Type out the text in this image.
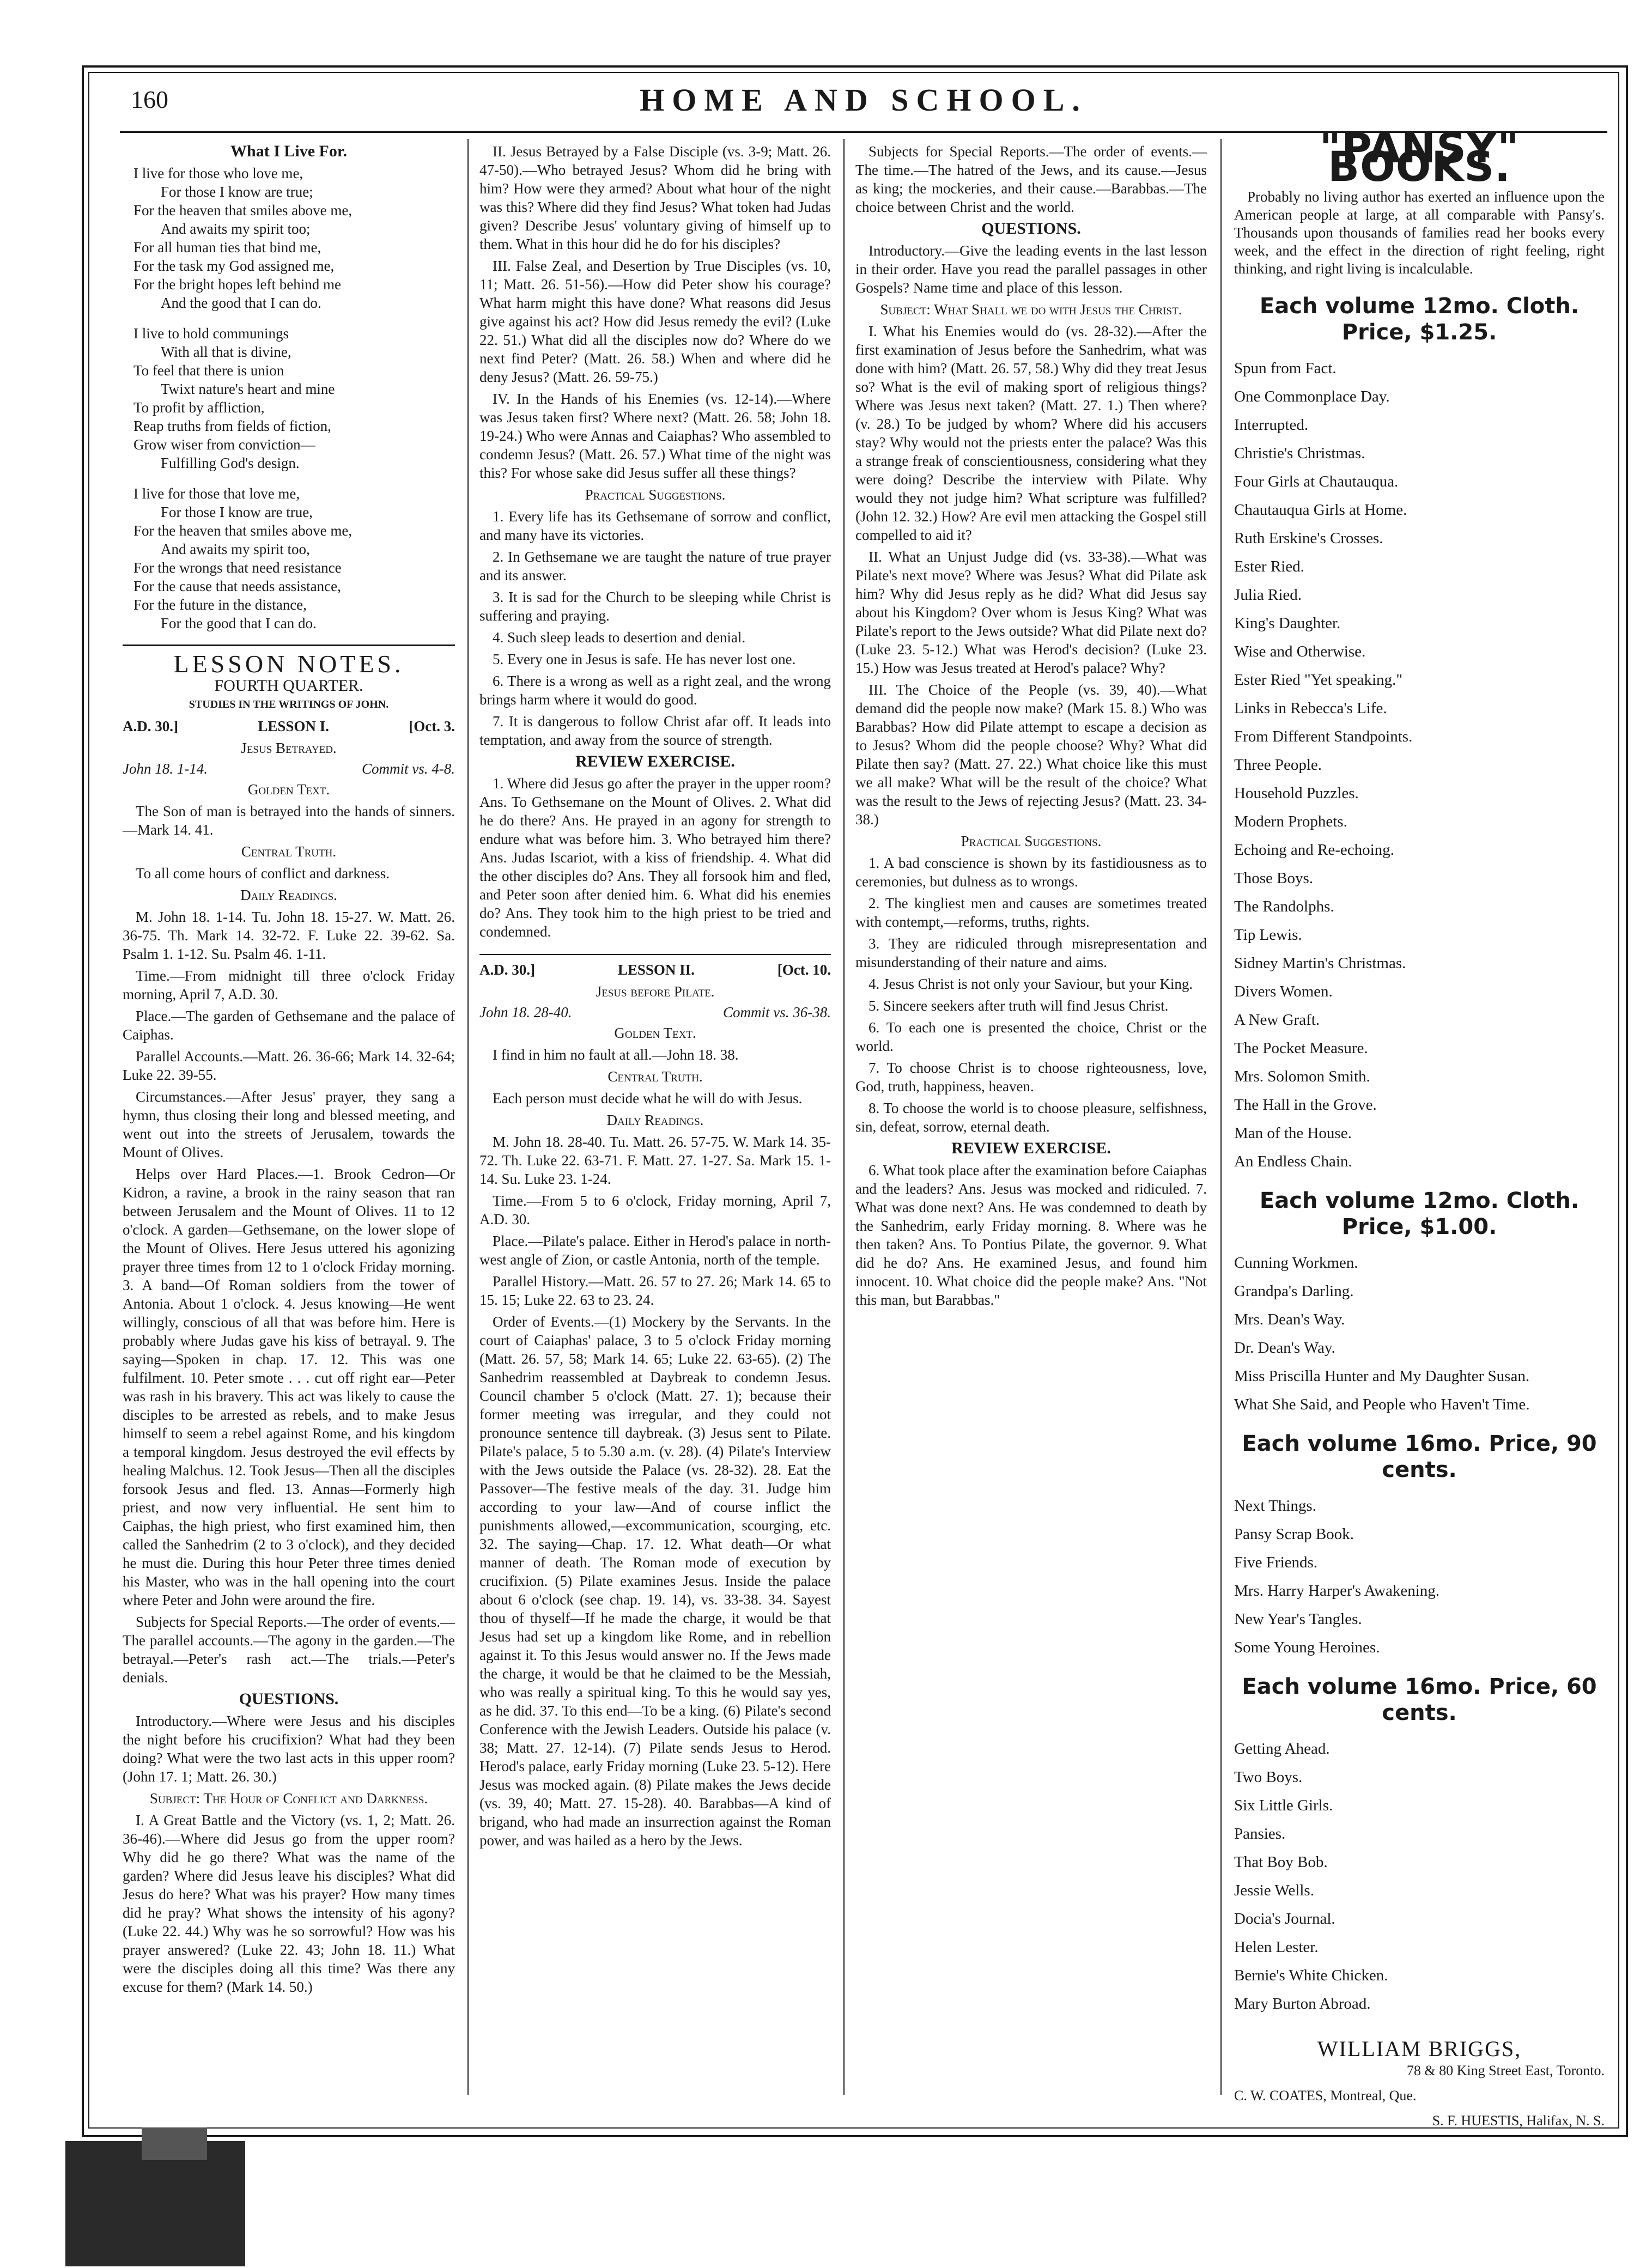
160	HOME AND SCHOOL.
What I Live For.
I live for those who love me,
For those I know are true;
For the heaven that smiles above me,
And awaits my spirit too;
For all human ties that bind me,
For the task my God assigned me,
For the bright hopes left behind me
And the good that I can do.
I live to hold communings
With all that is divine,
To feel that there is union
Twixt nature's heart and mine
To profit by affliction,
Reap truths from fields of fiction,
Grow wiser from conviction—
Fulfilling God's design.
I live for those that love me,
For those I know are true,
For the heaven that smiles above me,
And awaits my spirit too,
For the wrongs that need resistance
For the cause that needs assistance,
For the future in the distance,
For the good that I can do.
LESSON NOTES.
FOURTH QUARTER.
STUDIES IN THE WRITINGS OF JOHN.
A.D. 30.]	LESSON I.	[Oct. 3.
Jesus Betrayed.
John 18. 1-14.	Commit vs. 4-8.
Golden Text.

The Son of man is betrayed into the hands of sinners.—Mark 14. 41.

Central Truth.

To all come hours of conflict and darkness.

Daily Readings.

M. John 18. 1-14. Tu. John 18. 15-27. W. Matt. 26. 36-75. Th. Mark 14. 32-72. F. Luke 22. 39-62. Sa. Psalm 1. 1-12. Su. Psalm 46. 1-11.

Time.—From midnight till three o'clock Friday morning, April 7, A.D. 30.

Place.—The garden of Gethsemane and the palace of Caiphas.

Parallel Accounts.—Matt. 26. 36-66; Mark 14. 32-64; Luke 22. 39-55.

Circumstances.—After Jesus' prayer, they sang a hymn, thus closing their long and blessed meeting, and went out into the streets of Jerusalem, towards the Mount of Olives.

Helps over Hard Places.—1. Brook Cedron—Or Kidron, a ravine, a brook in the rainy season that ran between Jerusalem and the Mount of Olives. 11 to 12 o'clock. A garden—Gethsemane, on the lower slope of the Mount of Olives. Here Jesus uttered his agonizing prayer three times from 12 to 1 o'clock Friday morning. 3. A band—Of Roman soldiers from the tower of Antonia. About 1 o'clock. 4. Jesus knowing—He went willingly, conscious of all that was before him. Here is probably where Judas gave his kiss of betrayal. 9. The saying—Spoken in chap. 17. 12. This was one fulfilment. 10. Peter smote . . . cut off right ear—Peter was rash in his bravery. This act was likely to cause the disciples to be arrested as rebels, and to make Jesus himself to seem a rebel against Rome, and his kingdom a temporal kingdom. Jesus destroyed the evil effects by healing Malchus. 12. Took Jesus—Then all the disciples forsook Jesus and fled. 13. Annas—Formerly high priest, and now very influential. He sent him to Caiphas, the high priest, who first examined him, then called the Sanhedrim (2 to 3 o'clock), and they decided he must die. During this hour Peter three times denied his Master, who was in the hall opening into the court where Peter and John were around the fire.

Subjects for Special Reports.—The order of events.—The parallel accounts.—The agony in the garden.—The betrayal.—Peter's rash act.—The trials.—Peter's denials.

QUESTIONS.

Introductory.—Where were Jesus and his disciples the night before his crucifixion? What had they been doing? What were the two last acts in this upper room? (John 17. 1; Matt. 26. 30.)

Subject: The Hour of Conflict and Darkness.

I. A Great Battle and the Victory (vs. 1, 2; Matt. 26. 36-46).—Where did Jesus go from the upper room? Why did he go there? What was the name of the garden? Where did Jesus leave his disciples? What did Jesus do here? What was his prayer? How many times did he pray? What shows the intensity of his agony? (Luke 22. 44.) Why was he so sorrowful? How was his prayer answered? (Luke 22. 43; John 18. 11.) What were the disciples doing all this time? Was there any excuse for them? (Mark 14. 50.)

II. Jesus Betrayed by a False Disciple (vs. 3-9; Matt. 26. 47-50).—Who betrayed Jesus? Whom did he bring with him? How were they armed? About what hour of the night was this? Where did they find Jesus? What token had Judas given? Describe Jesus' voluntary giving of himself up to them. What in this hour did he do for his disciples?

III. False Zeal, and Desertion by True Disciples (vs. 10, 11; Matt. 26. 51-56).—How did Peter show his courage? What harm might this have done? What reasons did Jesus give against his act? How did Jesus remedy the evil? (Luke 22. 51.) What did all the disciples now do? Where do we next find Peter? (Matt. 26. 58.) When and where did he deny Jesus? (Matt. 26. 59-75.)

IV. In the Hands of his Enemies (vs. 12-14).—Where was Jesus taken first? Where next? (Matt. 26. 58; John 18. 19-24.) Who were Annas and Caiaphas? Who assembled to condemn Jesus? (Matt. 26. 57.) What time of the night was this? For whose sake did Jesus suffer all these things?

Practical Suggestions.

1. Every life has its Gethsemane of sorrow and conflict, and many have its victories.

2. In Gethsemane we are taught the nature of true prayer and its answer.

3. It is sad for the Church to be sleeping while Christ is suffering and praying.

4. Such sleep leads to desertion and denial.

5. Every one in Jesus is safe. He has never lost one.

6. There is a wrong as well as a right zeal, and the wrong brings harm where it would do good.

7. It is dangerous to follow Christ afar off. It leads into temptation, and away from the source of strength.

REVIEW EXERCISE.

1. Where did Jesus go after the prayer in the upper room? Ans. To Gethsemane on the Mount of Olives. 2. What did he do there? Ans. He prayed in an agony for strength to endure what was before him. 3. Who betrayed him there? Ans. Judas Iscariot, with a kiss of friendship. 4. What did the other disciples do? Ans. They all forsook him and fled, and Peter soon after denied him. 6. What did his enemies do? Ans. They took him to the high priest to be tried and condemned.

A.D. 30.]	LESSON II.	[Oct. 10.
Jesus before Pilate.
John 18. 28-40.	Commit vs. 36-38.
Golden Text.

I find in him no fault at all.—John 18. 38.

Central Truth.

Each person must decide what he will do with Jesus.

Daily Readings.

M. John 18. 28-40. Tu. Matt. 26. 57-75. W. Mark 14. 35-72. Th. Luke 22. 63-71. F. Matt. 27. 1-27. Sa. Mark 15. 1-14. Su. Luke 23. 1-24.

Time.—From 5 to 6 o'clock, Friday morning, April 7, A.D. 30.

Place.—Pilate's palace. Either in Herod's palace in north-west angle of Zion, or castle Antonia, north of the temple.

Parallel History.—Matt. 26. 57 to 27. 26; Mark 14. 65 to 15. 15; Luke 22. 63 to 23. 24.

Order of Events.—(1) Mockery by the Servants. In the court of Caiaphas' palace, 3 to 5 o'clock Friday morning (Matt. 26. 57, 58; Mark 14. 65; Luke 22. 63-65). (2) The Sanhedrim reassembled at Daybreak to condemn Jesus. Council chamber 5 o'clock (Matt. 27. 1); because their former meeting was irregular, and they could not pronounce sentence till daybreak. (3) Jesus sent to Pilate. Pilate's palace, 5 to 5.30 a.m. (v. 28). (4) Pilate's Interview with the Jews outside the Palace (vs. 28-32). 28. Eat the Passover—The festive meals of the day. 31. Judge him according to your law—And of course inflict the punishments allowed,—excommunication, scourging, etc. 32. The saying—Chap. 17. 12. What death—Or what manner of death. The Roman mode of execution by crucifixion. (5) Pilate examines Jesus. Inside the palace about 6 o'clock (see chap. 19. 14), vs. 33-38. 34. Sayest thou of thyself—If he made the charge, it would be that Jesus had set up a kingdom like Rome, and in rebellion against it. To this Jesus would answer no. If the Jews made the charge, it would be that he claimed to be the Messiah, who was really a spiritual king. To this he would say yes, as he did. 37. To this end—To be a king. (6) Pilate's second Conference with the Jewish Leaders. Outside his palace (v. 38; Matt. 27. 12-14). (7) Pilate sends Jesus to Herod. Herod's palace, early Friday morning (Luke 23. 5-12). Here Jesus was mocked again. (8) Pilate makes the Jews decide (vs. 39, 40; Matt. 27. 15-28). 40. Barabbas—A kind of brigand, who had made an insurrection against the Roman power, and was hailed as a hero by the Jews.

Subjects for Special Reports.—The order of events.—The time.—The hatred of the Jews, and its cause.—Jesus as king; the mockeries, and their cause.—Barabbas.—The choice between Christ and the world.

QUESTIONS.

Introductory.—Give the leading events in the last lesson in their order. Have you read the parallel passages in other Gospels? Name time and place of this lesson.

Subject: What Shall we do with Jesus the Christ.

I. What his Enemies would do (vs. 28-32).—After the first examination of Jesus before the Sanhedrim, what was done with him? (Matt. 26. 57, 58.) Why did they treat Jesus so? What is the evil of making sport of religious things? Where was Jesus next taken? (Matt. 27. 1.) Then where? (v. 28.) To be judged by whom? Where did his accusers stay? Why would not the priests enter the palace? Was this a strange freak of conscientiousness, considering what they were doing? Describe the interview with Pilate. Why would they not judge him? What scripture was fulfilled? (John 12. 32.) How? Are evil men attacking the Gospel still compelled to aid it?

II. What an Unjust Judge did (vs. 33-38).—What was Pilate's next move? Where was Jesus? What did Pilate ask him? Why did Jesus reply as he did? What did Jesus say about his Kingdom? Over whom is Jesus King? What was Pilate's report to the Jews outside? What did Pilate next do? (Luke 23. 5-12.) What was Herod's decision? (Luke 23. 15.) How was Jesus treated at Herod's palace? Why?

III. The Choice of the People (vs. 39, 40).—What demand did the people now make? (Mark 15. 8.) Who was Barabbas? How did Pilate attempt to escape a decision as to Jesus? Whom did the people choose? Why? What did Pilate then say? (Matt. 27. 22.) What choice like this must we all make? What will be the result of the choice? What was the result to the Jews of rejecting Jesus? (Matt. 23. 34-38.)

Practical Suggestions.

1. A bad conscience is shown by its fastidiousness as to ceremonies, but dulness as to wrongs.

2. The kingliest men and causes are sometimes treated with contempt,—reforms, truths, rights.

3. They are ridiculed through misrepresentation and misunderstanding of their nature and aims.

4. Jesus Christ is not only your Saviour, but your King.

5. Sincere seekers after truth will find Jesus Christ.

6. To each one is presented the choice, Christ or the world.

7. To choose Christ is to choose righteousness, love, God, truth, happiness, heaven.

8. To choose the world is to choose pleasure, selfishness, sin, defeat, sorrow, eternal death.

REVIEW EXERCISE.

6. What took place after the examination before Caiaphas and the leaders? Ans. Jesus was mocked and ridiculed. 7. What was done next? Ans. He was condemned to death by the Sanhedrim, early Friday morning. 8. Where was he then taken? Ans. To Pontius Pilate, the governor. 9. What did he do? Ans. He examined Jesus, and found him innocent. 10. What choice did the people make? Ans. "Not this man, but Barabbas."

"PANSY" BOOKS.
Probably no living author has exerted an influence upon the American people at large, at all comparable with Pansy's. Thousands upon thousands of families read her books every week, and the effect in the direction of right feeling, right thinking, and right living is incalculable.
Each volume 12mo. Cloth. Price, $1.25.
Spun from Fact.
One Commonplace Day.
Interrupted.
Christie's Christmas.
Four Girls at Chautauqua.
Chautauqua Girls at Home.
Ruth Erskine's Crosses.
Ester Ried.
Julia Ried.
King's Daughter.
Wise and Otherwise.
Ester Ried "Yet speaking."
Links in Rebecca's Life.
From Different Standpoints.
Three People.
Household Puzzles.
Modern Prophets.
Echoing and Re-echoing.
Those Boys.
The Randolphs.
Tip Lewis.
Sidney Martin's Christmas.
Divers Women.
A New Graft.
The Pocket Measure.
Mrs. Solomon Smith.
The Hall in the Grove.
Man of the House.
An Endless Chain.
Each volume 12mo. Cloth. Price, $1.00.
Cunning Workmen.
Grandpa's Darling.
Mrs. Dean's Way.
Dr. Dean's Way.
Miss Priscilla Hunter and My Daughter Susan.
What She Said, and People who Haven't Time.
Each volume 16mo. Price, 90 cents.
Next Things.
Pansy Scrap Book.
Five Friends.
Mrs. Harry Harper's Awakening.
New Year's Tangles.
Some Young Heroines.
Each volume 16mo. Price, 60 cents.
Getting Ahead.
Two Boys.
Six Little Girls.
Pansies.
That Boy Bob.
Jessie Wells.
Docia's Journal.
Helen Lester.
Bernie's White Chicken.
Mary Burton Abroad.
WILLIAM BRIGGS,
78 & 80 King Street East, Toronto.
C. W. COATES, Montreal, Que.
S. F. HUESTIS, Halifax, N. S.
